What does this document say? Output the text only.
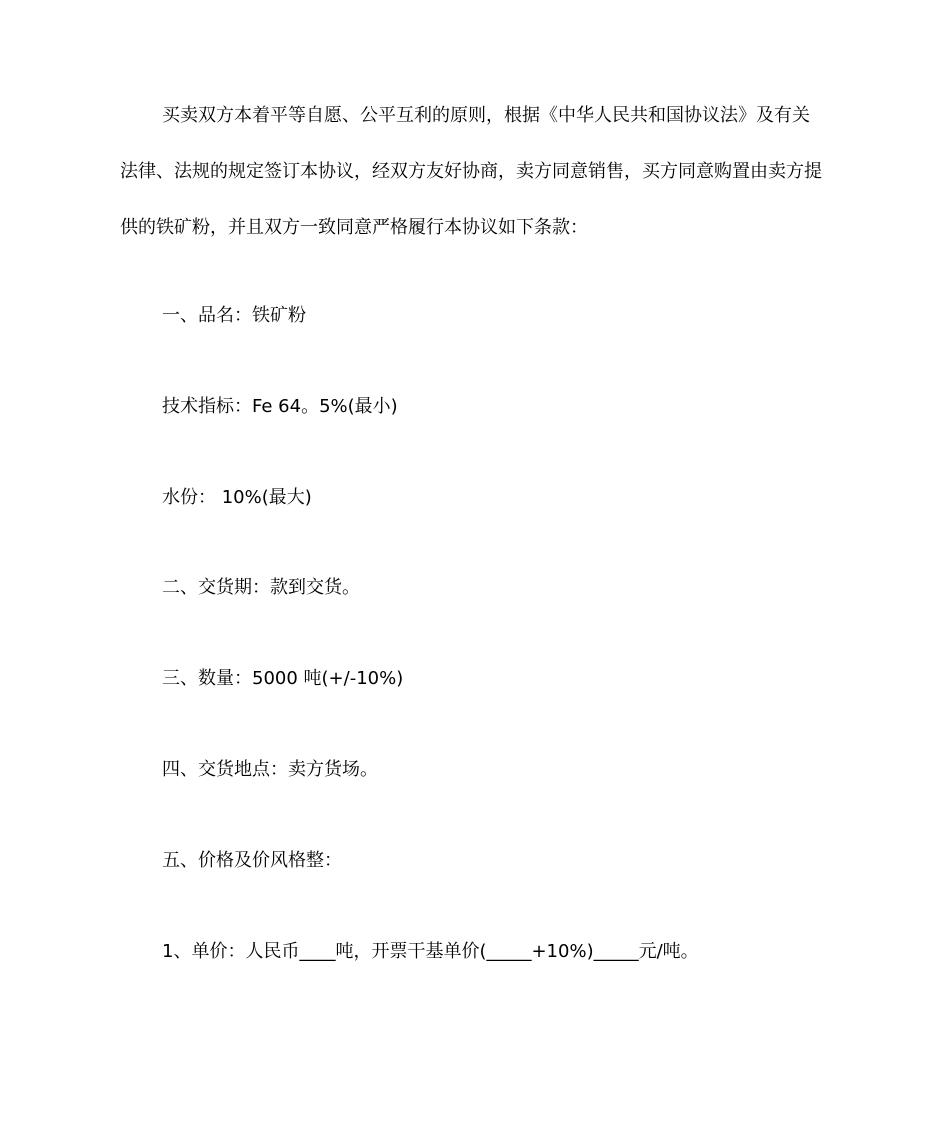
买卖双方本着平等自愿、公平互利的原则，根据《中华人民共和国协议法》及有关
法律、法规的规定签订本协议，经双方友好协商，卖方同意销售，买方同意购置由卖方提
供的铁矿粉，并且双方一致同意严格履行本协议如下条款：

一、品名：铁矿粉

技术指标：Fe 64。5%(最小)

水份： 10%(最大)

二、交货期：款到交货。

三、数量：5000 吨(+/-10%)

四、交货地点：卖方货场。

五、价格及价风格整：

1、单价：人民币____吨，开票干基单价(_____+10%)_____元/吨。
